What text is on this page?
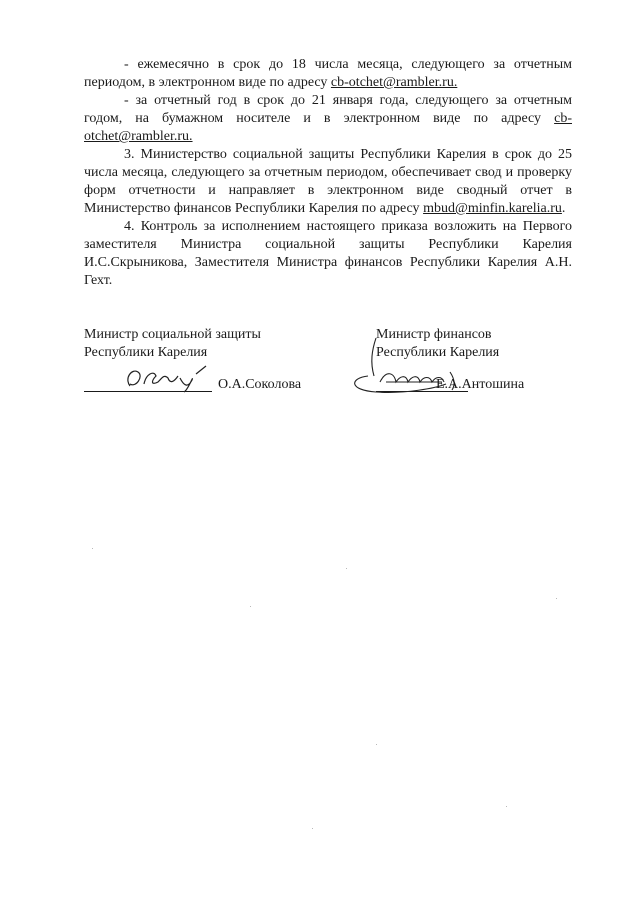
- ежемесячно в срок до 18 числа месяца, следующего за отчетным периодом, в электронном виде по адресу cb-otchet@rambler.ru.

- за отчетный год в срок до 21 января года, следующего за отчетным годом, на бумажном носителе и в электронном виде по адресу cb-otchet@rambler.ru.

3. Министерство социальной защиты Республики Карелия в срок до 25 числа месяца, следующего за отчетным периодом, обеспечивает свод и проверку форм отчетности и направляет в электронном виде сводный отчет в Министерство финансов Республики Карелия по адресу mbud@minfin.karelia.ru.

4. Контроль за исполнением настоящего приказа возложить на Первого заместителя Министра социальной защиты Республики Карелия И.С.Скрыникова, Заместителя Министра финансов Республики Карелия А.Н. Гехт.

Министр социальной защиты
Республики Карелия
О.А.Соколова
Министр финансов
Республики Карелия
Е.А.Антошина
